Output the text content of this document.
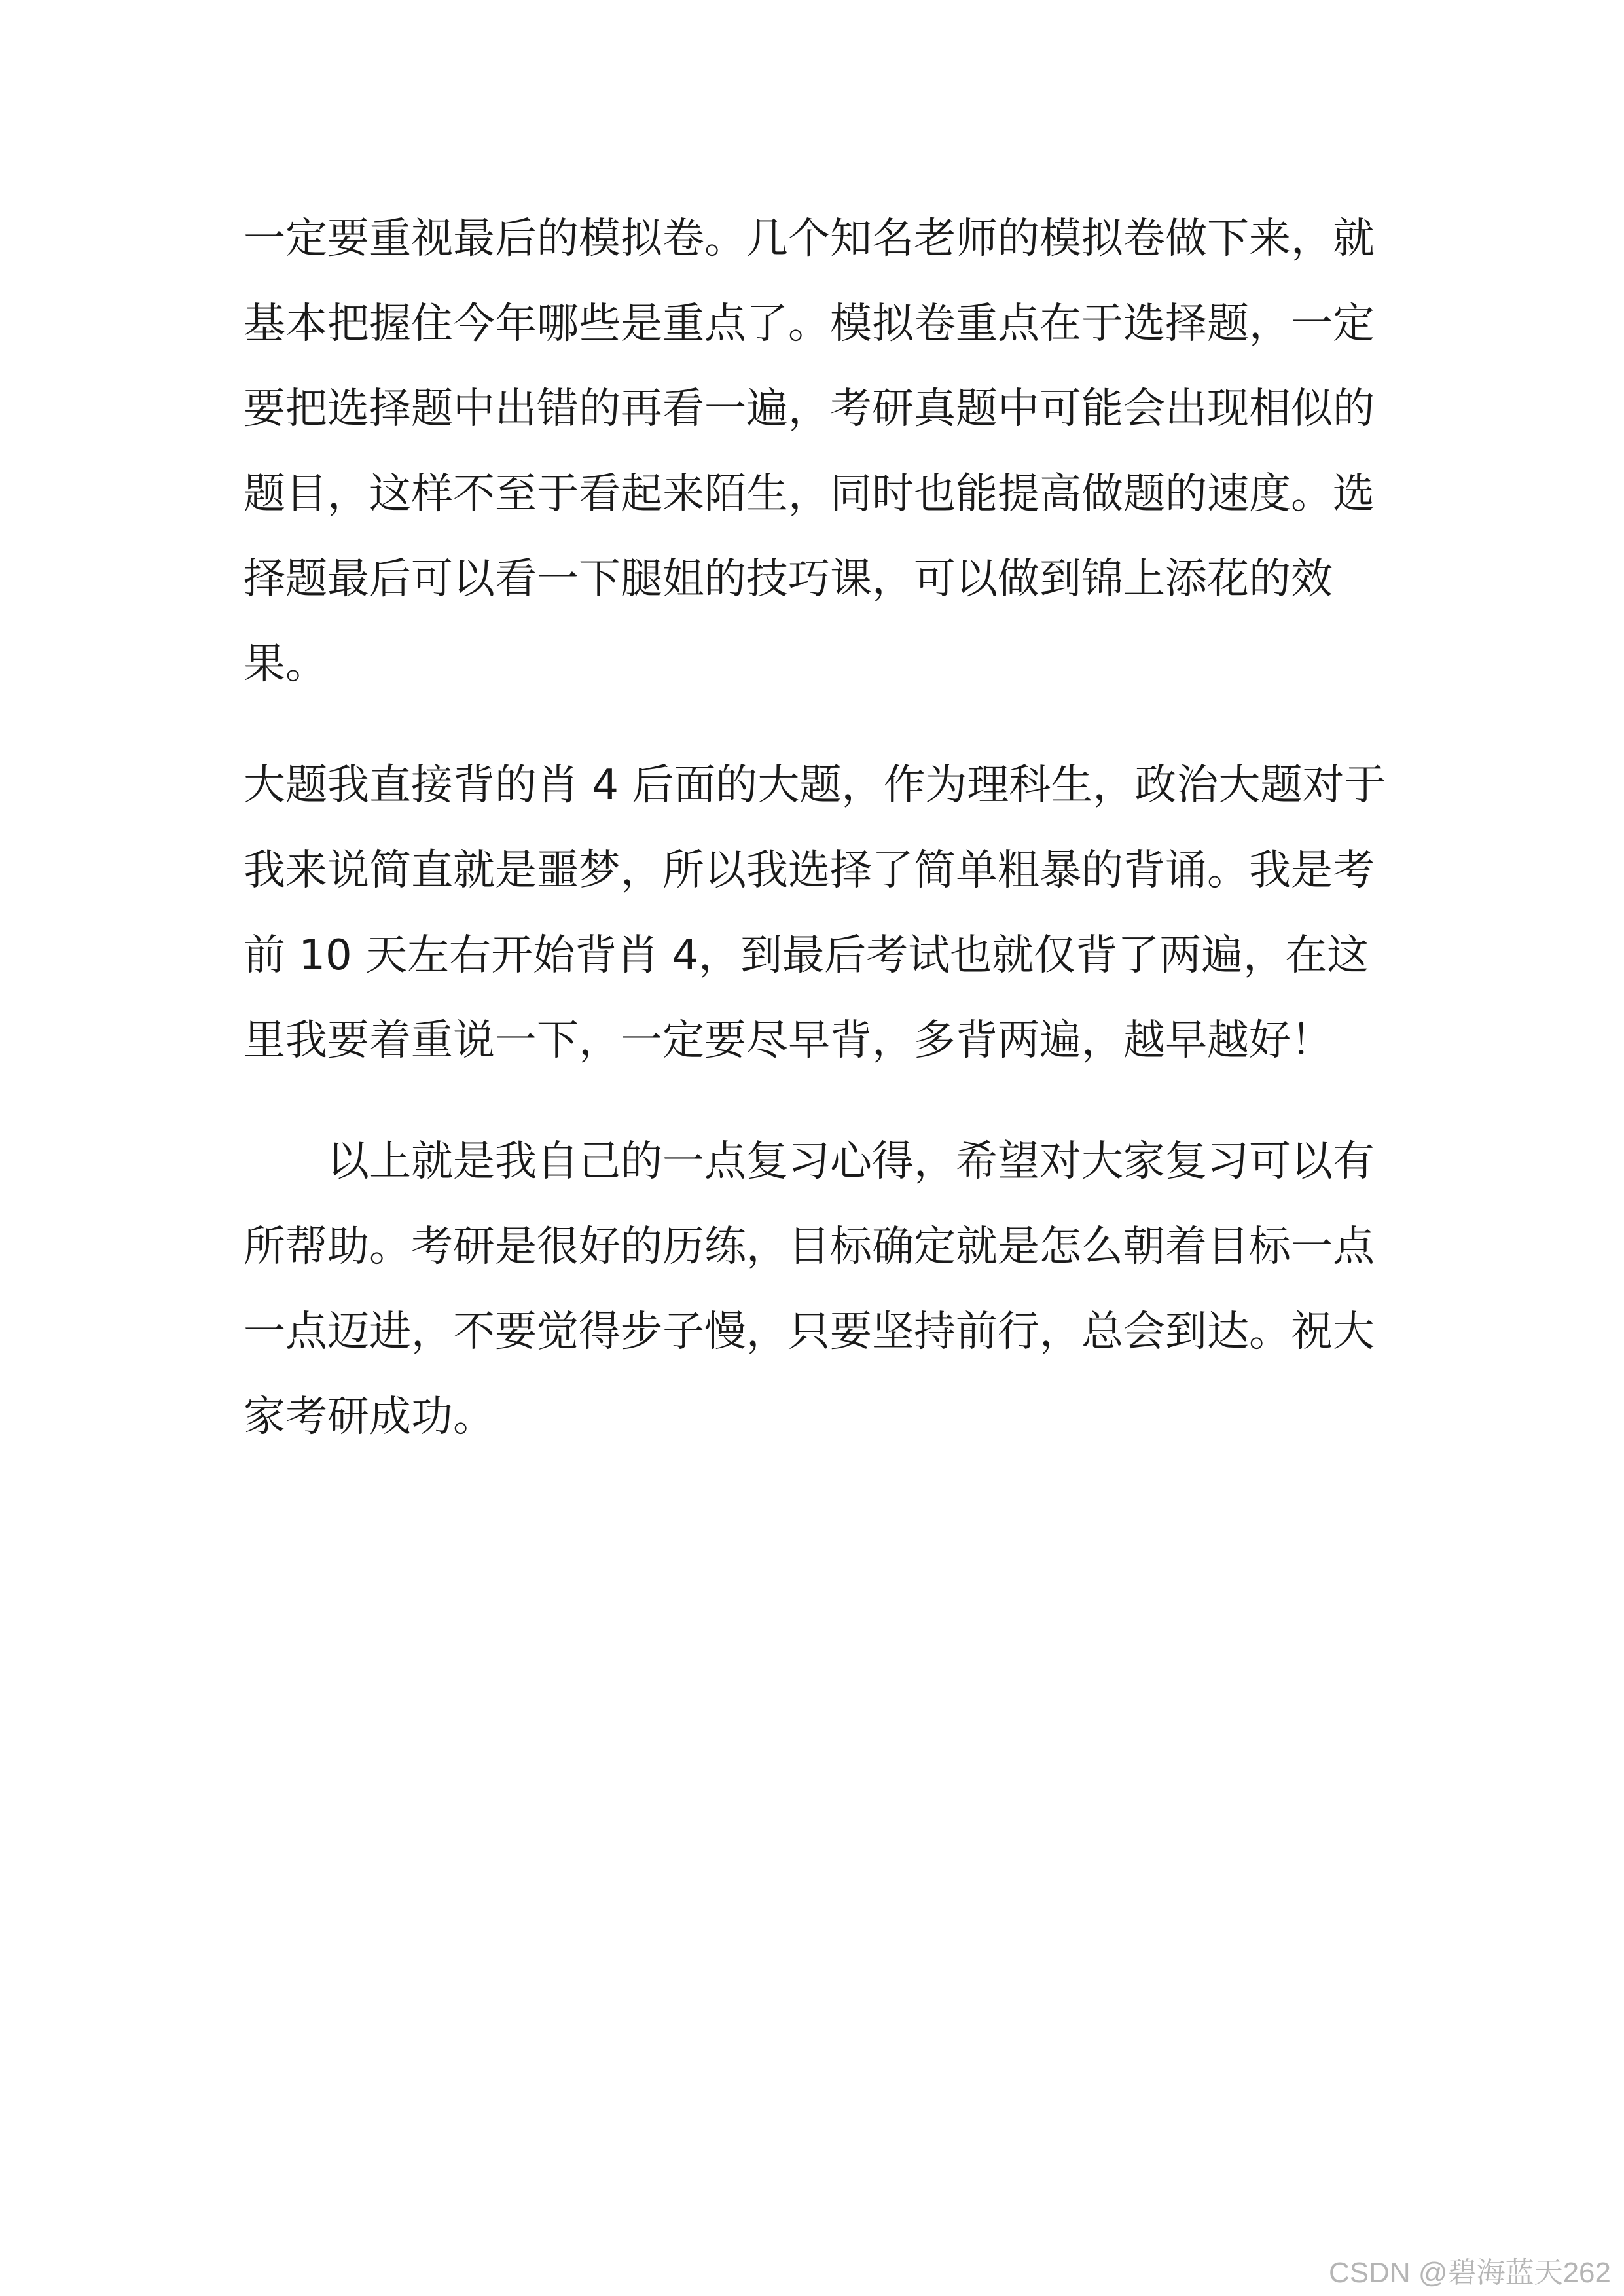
一定要重视最后的模拟卷。几个知名老师的模拟卷做下来，就
基本把握住今年哪些是重点了。模拟卷重点在于选择题，一定
要把选择题中出错的再看一遍，考研真题中可能会出现相似的
题目，这样不至于看起来陌生，同时也能提高做题的速度。选
择题最后可以看一下腿姐的技巧课，可以做到锦上添花的效
果。
大题我直接背的肖 4 后面的大题，作为理科生，政治大题对于
我来说简直就是噩梦，所以我选择了简单粗暴的背诵。我是考
前 10 天左右开始背肖 4，到最后考试也就仅背了两遍，在这
里我要着重说一下，一定要尽早背，多背两遍，越早越好！
以上就是我自己的一点复习心得，希望对大家复习可以有
所帮助。考研是很好的历练，目标确定就是怎么朝着目标一点
一点迈进，不要觉得步子慢，只要坚持前行，总会到达。祝大
家考研成功。
CSDN @碧海蓝天262
